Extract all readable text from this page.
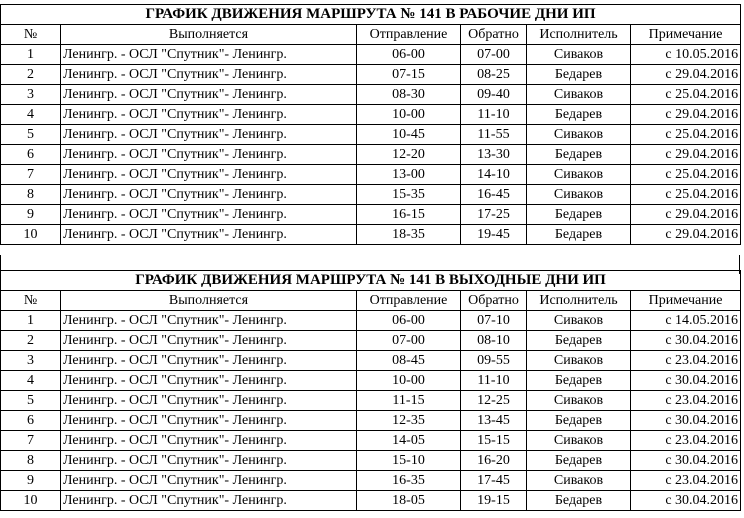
ГРАФИК ДВИЖЕНИЯ МАРШРУТА № 141 В РАБОЧИЕ ДНИ ИП					
№	Выполняется	Отправление	Обратно	Исполнитель	Примечание
1	Ленингр. - ОСЛ "Спутник"- Ленингр.	06-00	07-00	Сиваков	с 10.05.2016
2	Ленингр. - ОСЛ "Спутник"- Ленингр.	07-15	08-25	Бедарев	с 29.04.2016
3	Ленингр. - ОСЛ "Спутник"- Ленингр.	08-30	09-40	Сиваков	с 25.04.2016
4	Ленингр. - ОСЛ "Спутник"- Ленингр.	10-00	11-10	Бедарев	с 29.04.2016
5	Ленингр. - ОСЛ "Спутник"- Ленингр.	10-45	11-55	Сиваков	с 25.04.2016
6	Ленингр. - ОСЛ "Спутник"- Ленингр.	12-20	13-30	Бедарев	с 29.04.2016
7	Ленингр. - ОСЛ "Спутник"- Ленингр.	13-00	14-10	Сиваков	с 25.04.2016
8	Ленингр. - ОСЛ "Спутник"- Ленингр.	15-35	16-45	Сиваков	с 25.04.2016
9	Ленингр. - ОСЛ "Спутник"- Ленингр.	16-15	17-25	Бедарев	с 29.04.2016
10	Ленингр. - ОСЛ "Спутник"- Ленингр.	18-35	19-45	Бедарев	с 29.04.2016
ГРАФИК ДВИЖЕНИЯ МАРШРУТА № 141 В ВЫХОДНЫЕ ДНИ ИП					
№	Выполняется	Отправление	Обратно	Исполнитель	Примечание
1	Ленингр. - ОСЛ "Спутник"- Ленингр.	06-00	07-10	Сиваков	с 14.05.2016
2	Ленингр. - ОСЛ "Спутник"- Ленингр.	07-00	08-10	Бедарев	с 30.04.2016
3	Ленингр. - ОСЛ "Спутник"- Ленингр.	08-45	09-55	Сиваков	с 23.04.2016
4	Ленингр. - ОСЛ "Спутник"- Ленингр.	10-00	11-10	Бедарев	с 30.04.2016
5	Ленингр. - ОСЛ "Спутник"- Ленингр.	11-15	12-25	Сиваков	с 23.04.2016
6	Ленингр. - ОСЛ "Спутник"- Ленингр.	12-35	13-45	Бедарев	с 30.04.2016
7	Ленингр. - ОСЛ "Спутник"- Ленингр.	14-05	15-15	Сиваков	с 23.04.2016
8	Ленингр. - ОСЛ "Спутник"- Ленингр.	15-10	16-20	Бедарев	с 30.04.2016
9	Ленингр. - ОСЛ "Спутник"- Ленингр.	16-35	17-45	Сиваков	с 23.04.2016
10	Ленингр. - ОСЛ "Спутник"- Ленингр.	18-05	19-15	Бедарев	с 30.04.2016
